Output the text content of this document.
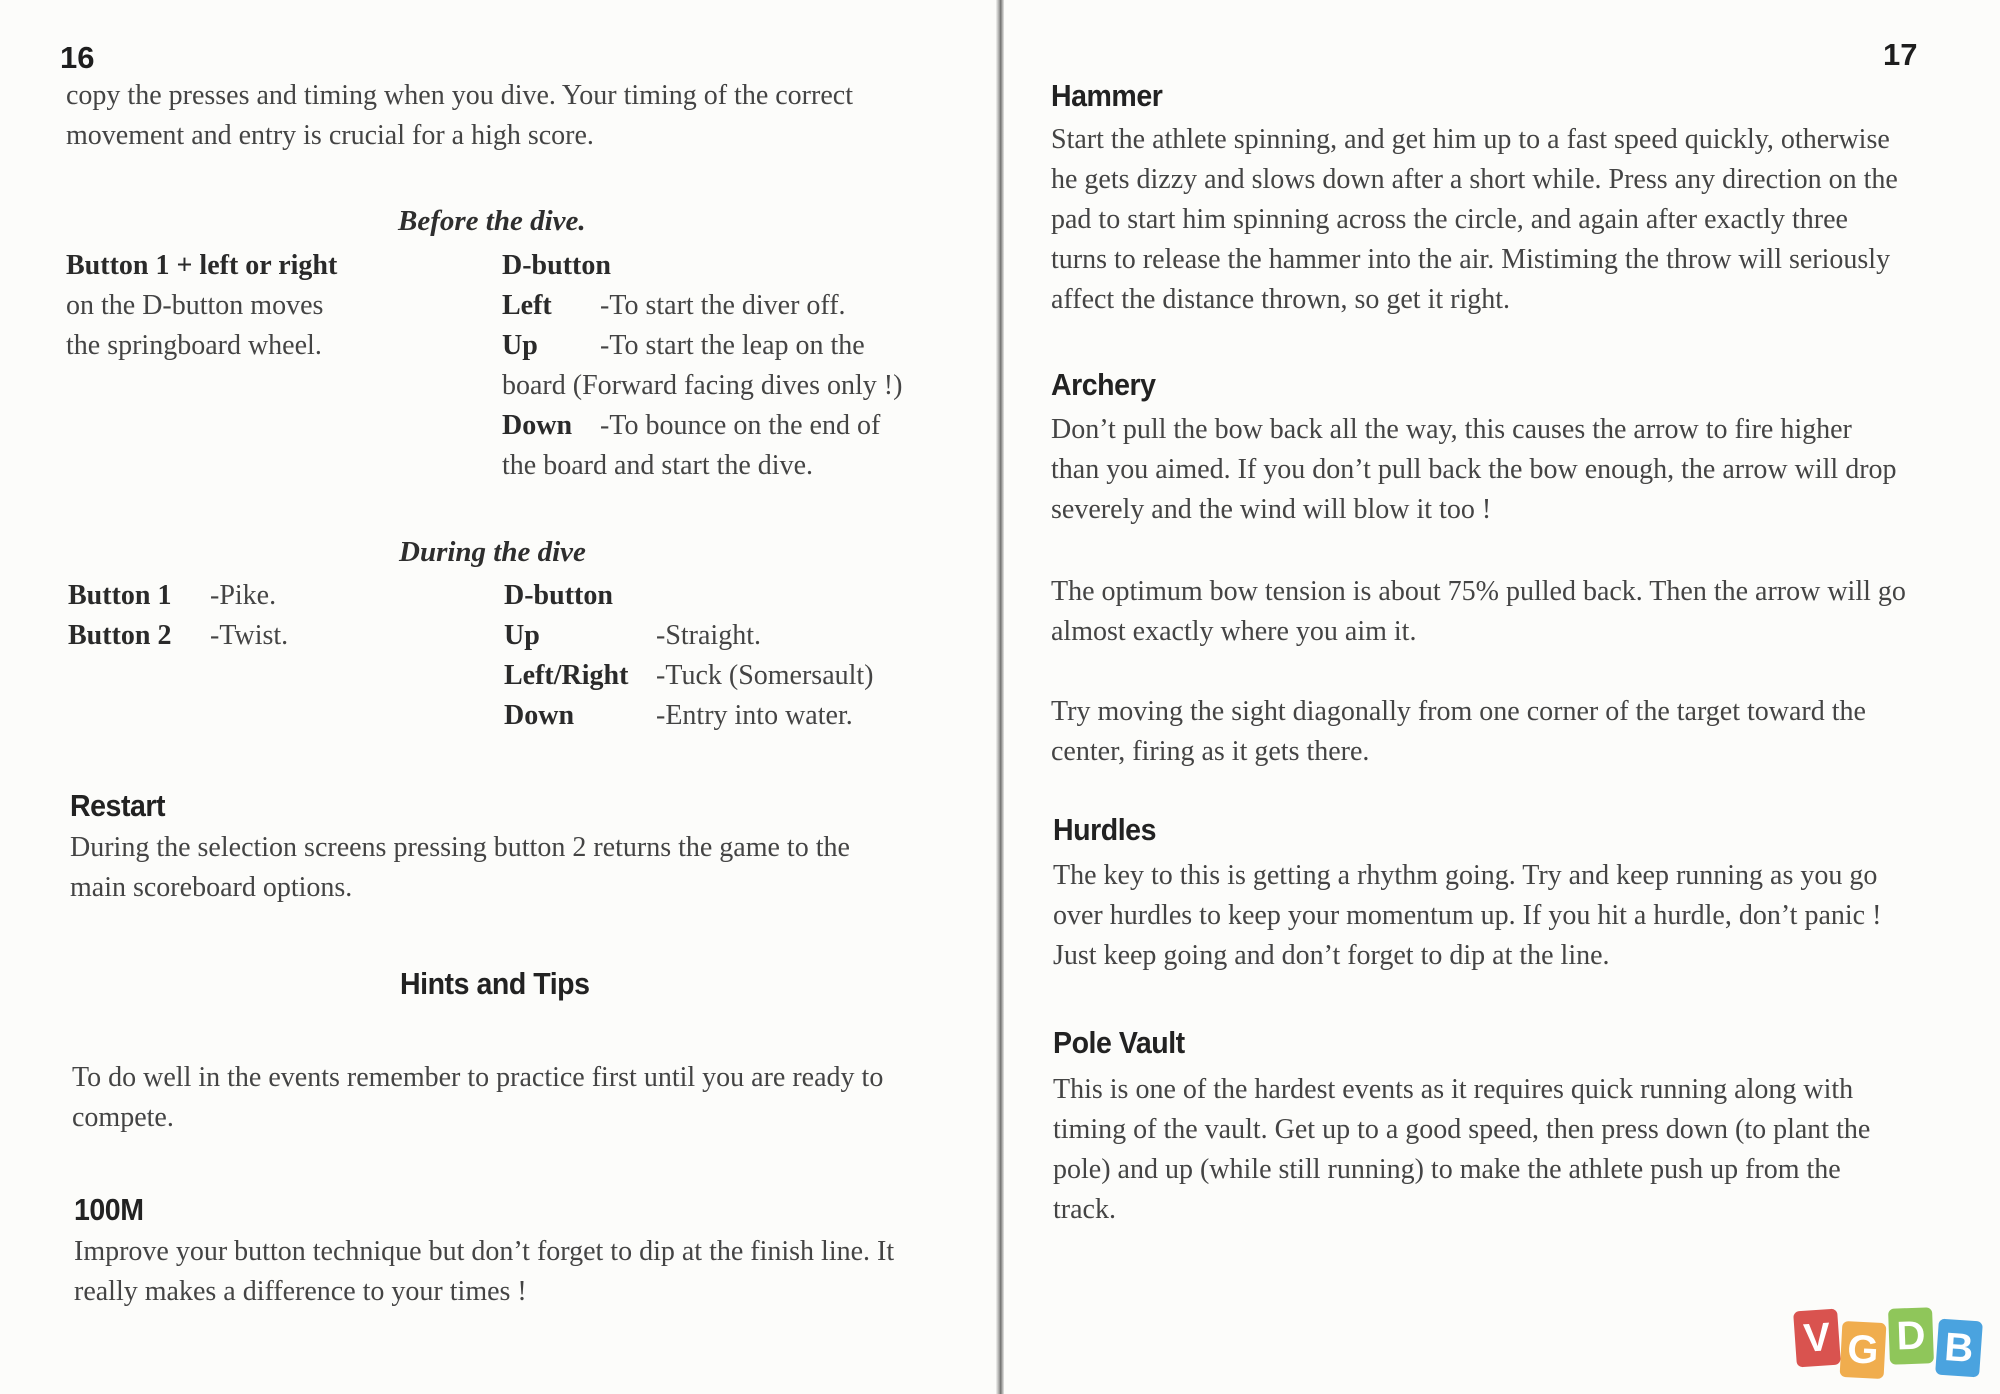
16

copy the presses and timing when you dive. Your timing of the correct

movement and entry is crucial for a high score.

Before the dive.
Button 1 + left or right
on the D-button moves
the springboard wheel.
D-button
Left -To start the diver off.
Up -To start the leap on the
board (Forward facing dives only !)
Down -To bounce on the end of
the board and start the dive.
During the dive
Button 1 -Pike.
Button 2 -Twist.
D-button
Up	-Straight.
Left/Right -Tuck (Somersault)
Down	-Entry into water.
Restart

During the selection screens pressing button 2 returns the game to the

main scoreboard options.

Hints and Tips

To do well in the events remember to practice first until you are ready to

compete.

100M

Improve your button technique but don’t forget to dip at the finish line. It

really makes a difference to your times !

17
Hammer

Start the athlete spinning, and get him up to a fast speed quickly, otherwise

he gets dizzy and slows down after a short while. Press any direction on the

pad to start him spinning across the circle, and again after exactly three

turns to release the hammer into the air. Mistiming the throw will seriously

affect the distance thrown, so get it right.

Archery

Don’t pull the bow back all the way, this causes the arrow to fire higher

than you aimed. If you don’t pull back the bow enough, the arrow will drop

severely and the wind will blow it too !

The optimum bow tension is about 75% pulled back. Then the arrow will go

almost exactly where you aim it.

Try moving the sight diagonally from one corner of the target toward the

center, firing as it gets there.

Hurdles

The key to this is getting a rhythm going. Try and keep running as you go

over hurdles to keep your momentum up. If you hit a hurdle, don’t panic !

Just keep going and don’t forget to dip at the line.

Pole Vault

This is one of the hardest events as it requires quick running along with

timing of the vault. Get up to a good speed, then press down (to plant the

pole) and up (while still running) to make the athlete push up from the

track.

V G D B
